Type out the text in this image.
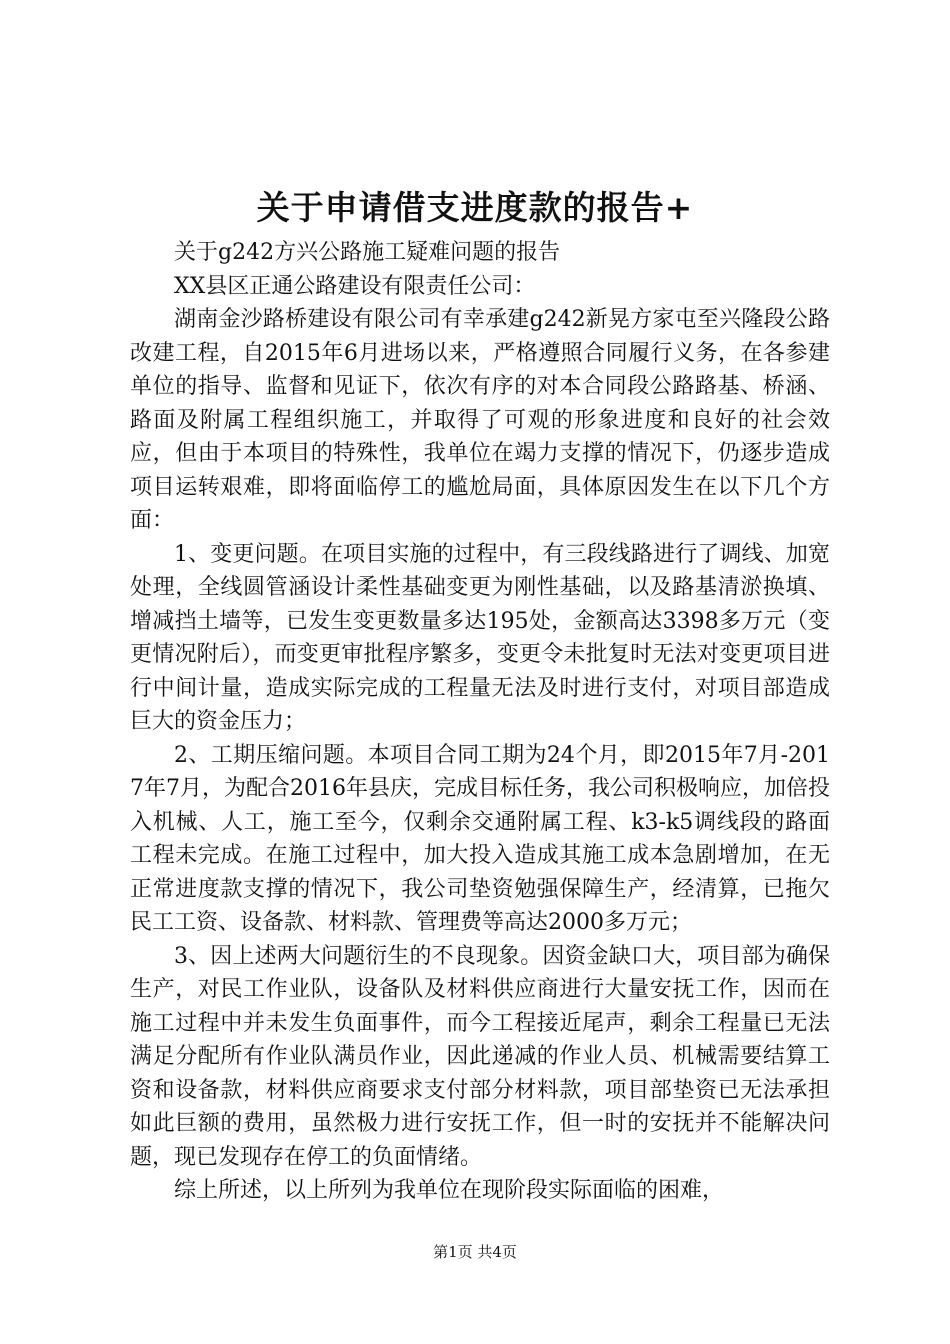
关于申请借支进度款的报告+

关于g242方兴公路施工疑难问题的报告

XX县区正通公路建设有限责任公司：

湖南金沙路桥建设有限公司有幸承建g242新晃方家屯至兴隆段公路改建工程，自2015年6月进场以来，严格遵照合同履行义务，在各参建单位的指导、监督和见证下，依次有序的对本合同段公路路基、桥涵、路面及附属工程组织施工，并取得了可观的形象进度和良好的社会效应，但由于本项目的特殊性，我单位在竭力支撑的情况下，仍逐步造成项目运转艰难，即将面临停工的尴尬局面，具体原因发生在以下几个方面：

1、变更问题。在项目实施的过程中，有三段线路进行了调线、加宽处理，全线圆管涵设计柔性基础变更为刚性基础，以及路基清淤换填、增减挡土墙等，已发生变更数量多达195处，金额高达3398多万元（变更情况附后），而变更审批程序繁多，变更令未批复时无法对变更项目进行中间计量，造成实际完成的工程量无法及时进行支付，对项目部造成巨大的资金压力；

2、工期压缩问题。本项目合同工期为24个月，即2015年7月-2017年7月，为配合2016年县庆，完成目标任务，我公司积极响应，加倍投入机械、人工，施工至今，仅剩余交通附属工程、k3-k5调线段的路面工程未完成。在施工过程中，加大投入造成其施工成本急剧增加，在无正常进度款支撑的情况下，我公司垫资勉强保障生产，经清算，已拖欠民工工资、设备款、材料款、管理费等高达2000多万元；

3、因上述两大问题衍生的不良现象。因资金缺口大，项目部为确保生产，对民工作业队，设备队及材料供应商进行大量安抚工作，因而在施工过程中并未发生负面事件，而今工程接近尾声，剩余工程量已无法满足分配所有作业队满员作业，因此递减的作业人员、机械需要结算工资和设备款，材料供应商要求支付部分材料款，项目部垫资已无法承担如此巨额的费用，虽然极力进行安抚工作，但一时的安抚并不能解决问题，现已发现存在停工的负面情绪。

综上所述，以上所列为我单位在现阶段实际面临的困难，

第1页 共4页
